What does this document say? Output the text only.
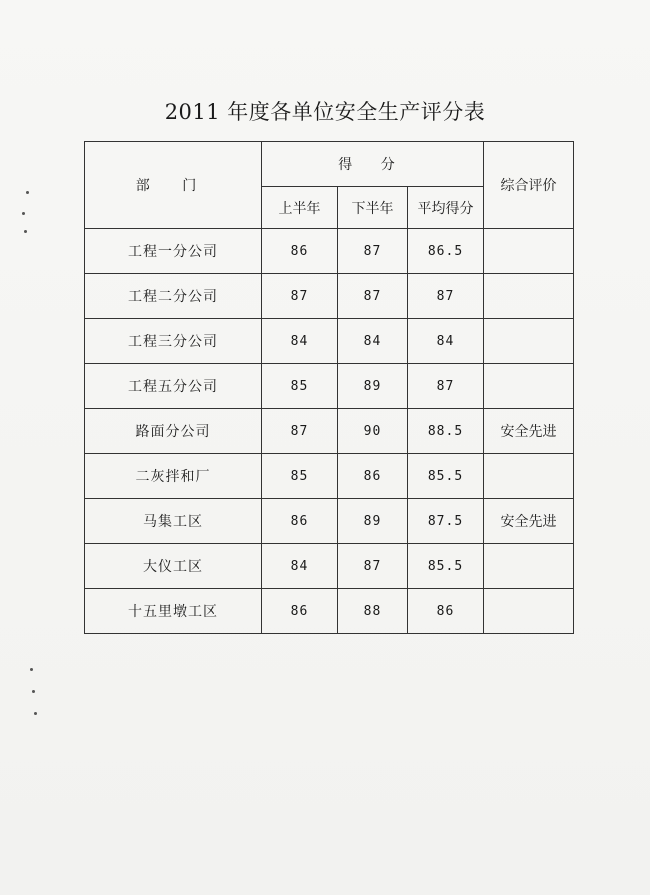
2011 年度各单位安全生产评分表
部 门	得 分			综合评价
	上半年	下半年	平均得分	
工程一分公司	86	87	86.5	
工程二分公司	87	87	87	
工程三分公司	84	84	84	
工程五分公司	85	89	87	
路面分公司	87	90	88.5	安全先进
二灰拌和厂	85	86	85.5	
马集工区	86	89	87.5	安全先进
大仪工区	84	87	85.5	
十五里墩工区	86	88	86	
